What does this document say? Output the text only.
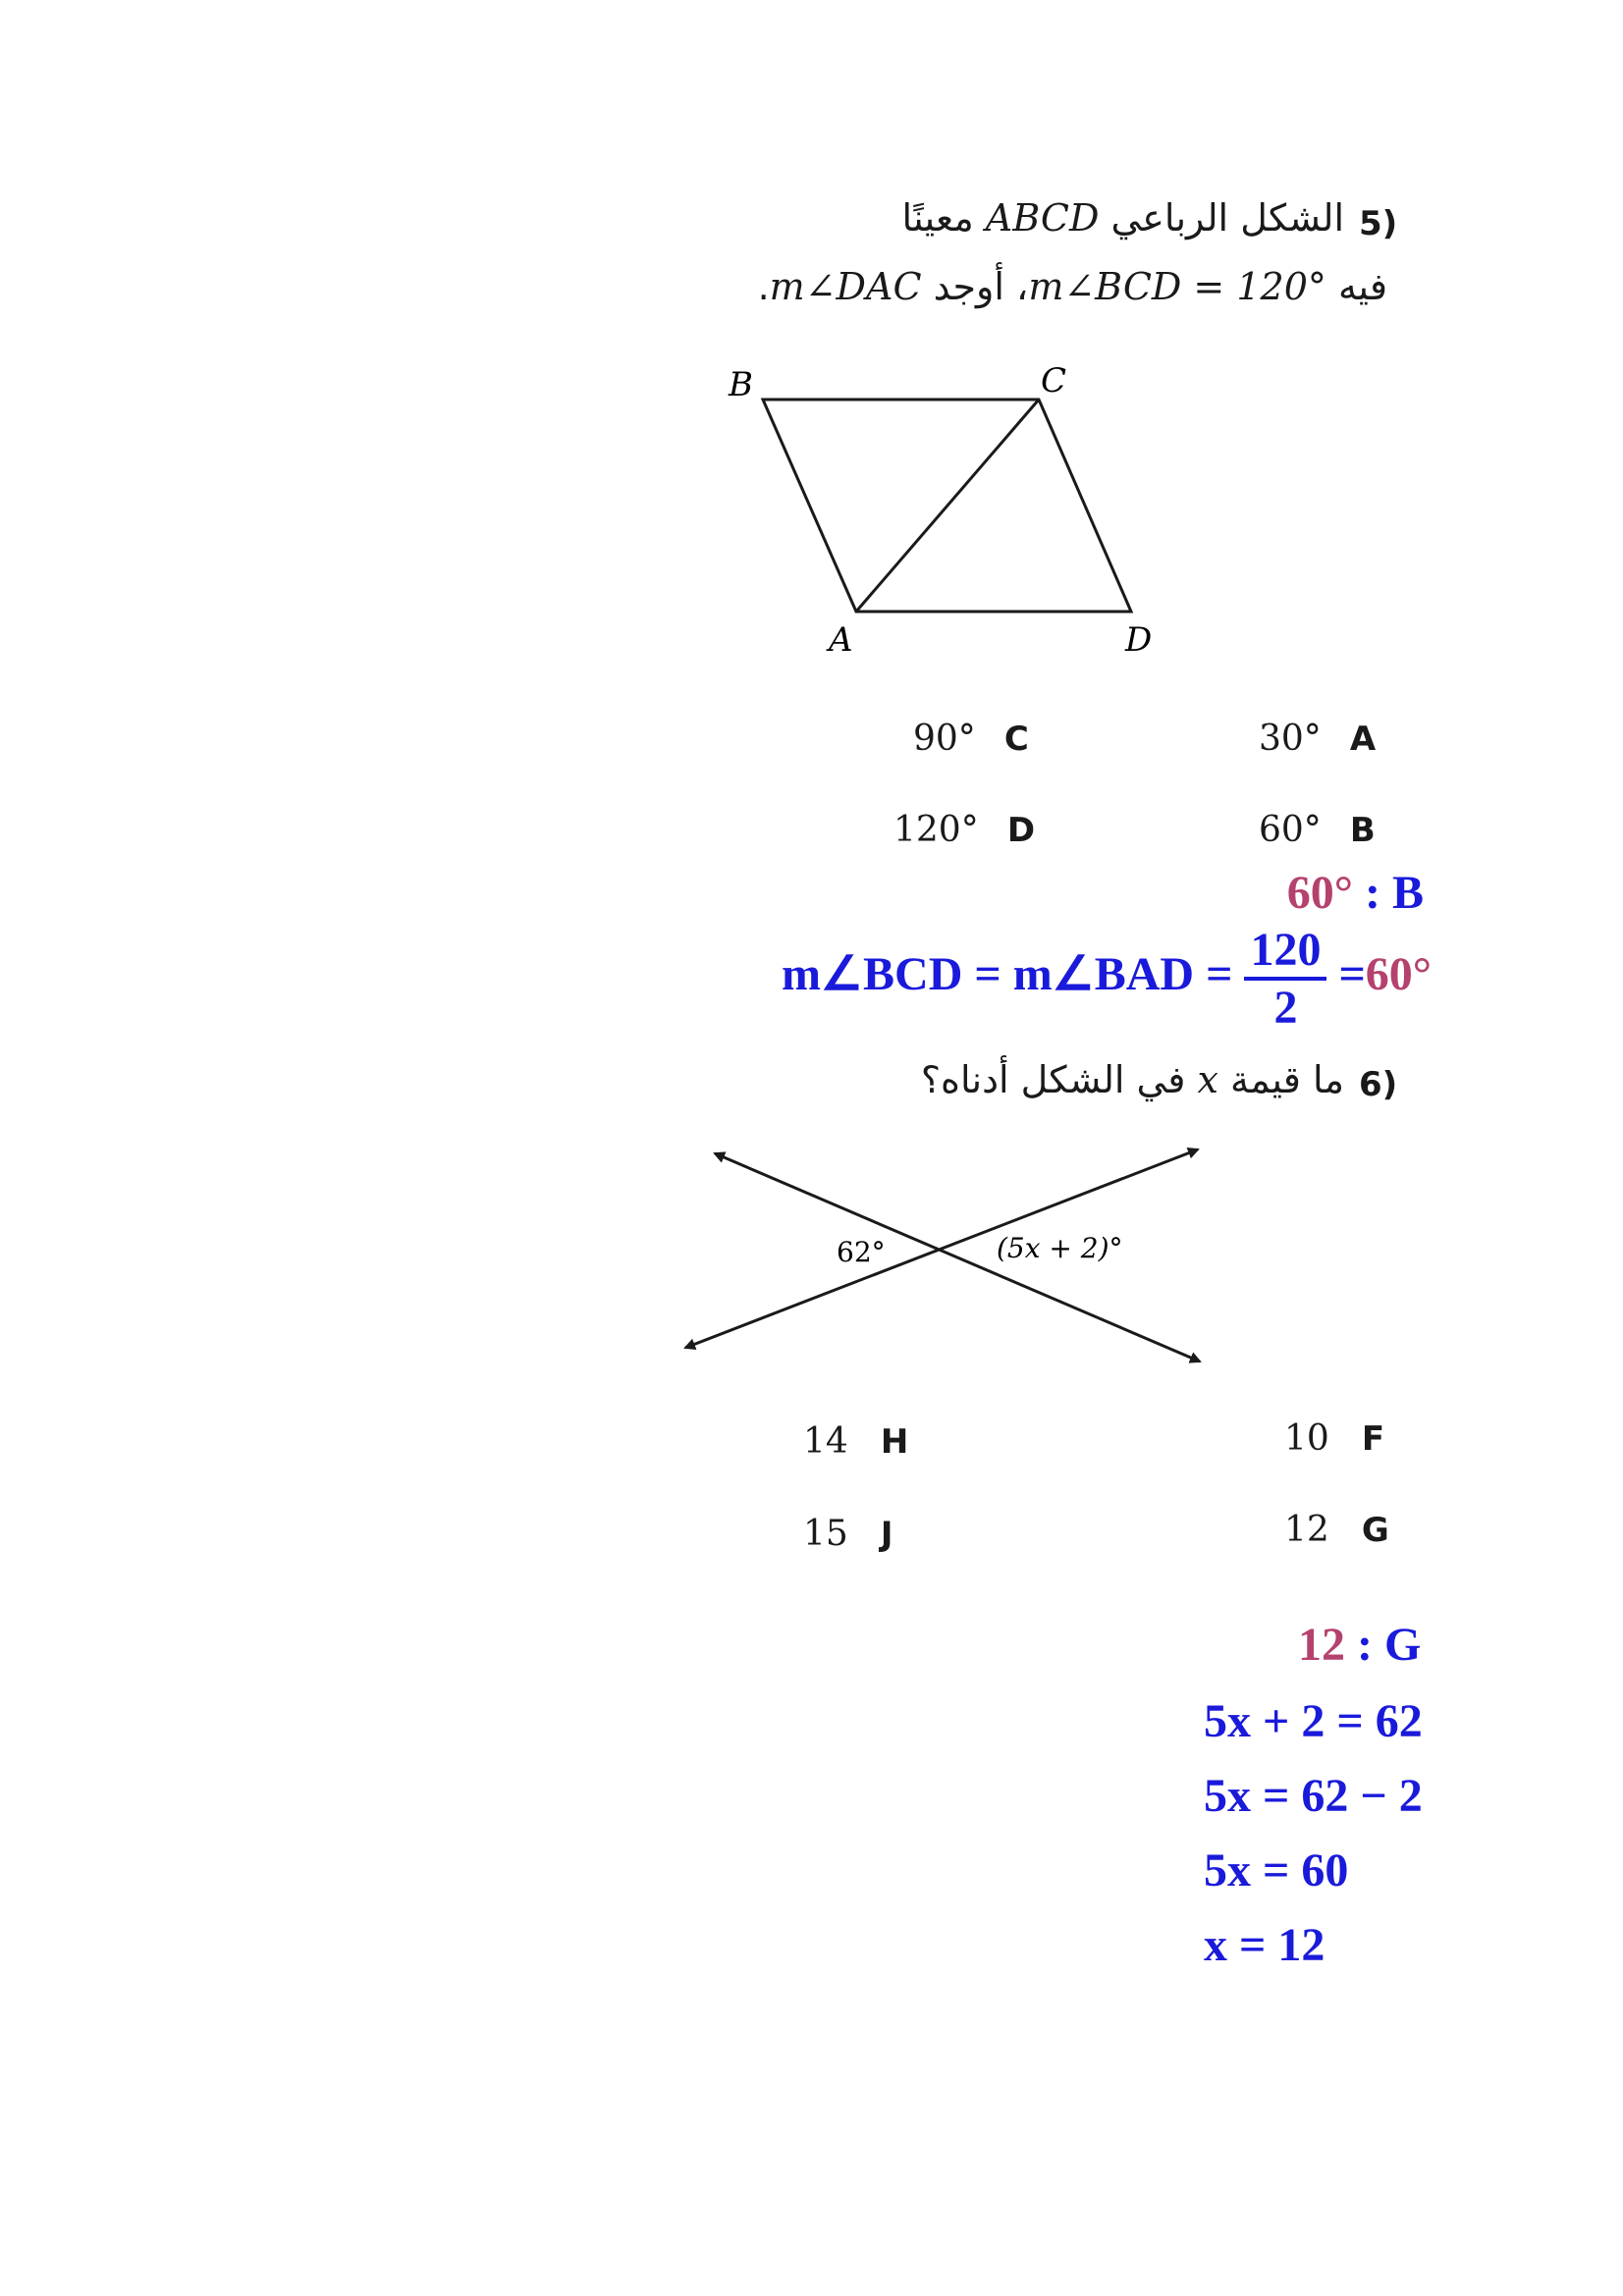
5)
الشكل الرباعي ABCD معينًا
فيه m∠BCD = 120°، أوجد m∠DAC.
B	C
A	D
30° A
60° B
90° C
120° D
60° : B
m∠BCD = m∠BAD = $\frac{120}{2} =60^\circ$
6)
ما قيمة x في الشكل أدناه؟
62°	(5x + 2)°
10 F
12 G
14 H
15 J
12 : G
5x + 2 = 62
5x = 62 − 2
5x = 60
x = 12
